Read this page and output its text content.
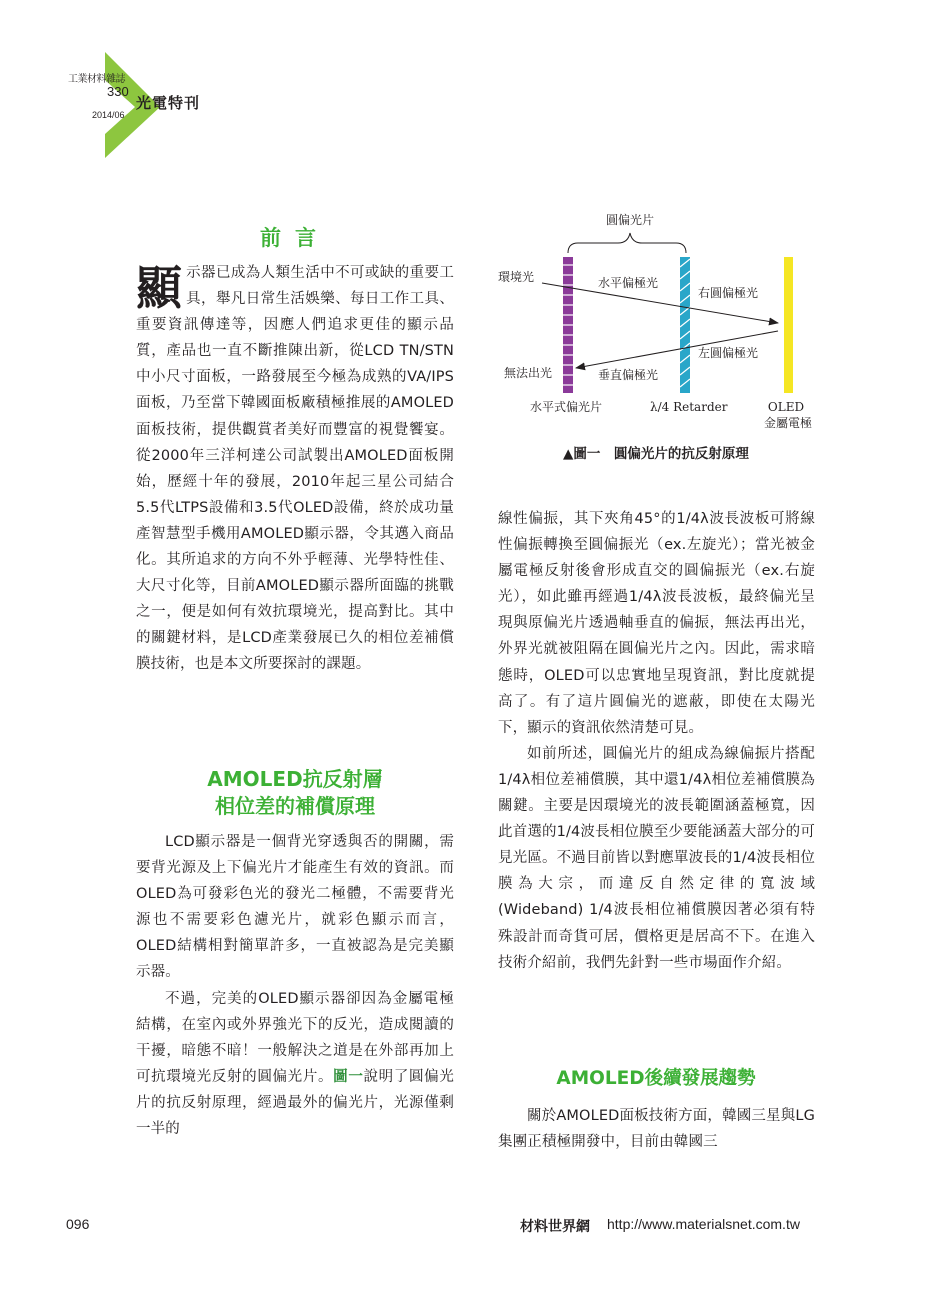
工業材料雜誌
330
2014/06
光電特刊
前言

顯示器已成為人類生活中不可或缺的重要工具，舉凡日常生活娛樂、每日工作工具、重要資訊傳達等，因應人們追求更佳的顯示品質，產品也一直不斷推陳出新，從LCD TN/STN中小尺寸面板，一路發展至今極為成熟的VA/IPS面板，乃至當下韓國面板廠積極推展的AMOLED面板技術，提供觀賞者美好而豐富的視覺饗宴。從2000年三洋柯達公司試製出AMOLED面板開始，歷經十年的發展，2010年起三星公司結合5.5代LTPS設備和3.5代OLED設備，終於成功量產智慧型手機用AMOLED顯示器，令其邁入商品化。其所追求的方向不外乎輕薄、光學特性佳、大尺寸化等，目前AMOLED顯示器所面臨的挑戰之一，便是如何有效抗環境光，提高對比。其中的關鍵材料，是LCD產業發展已久的相位差補償膜技術，也是本文所要探討的課題。

AMOLED抗反射層
相位差的補償原理

LCD顯示器是一個背光穿透與否的開關，需要背光源及上下偏光片才能產生有效的資訊。而OLED為可發彩色光的發光二極體，不需要背光源也不需要彩色濾光片，就彩色顯示而言，OLED結構相對簡單許多，一直被認為是完美顯示器。

不過，完美的OLED顯示器卻因為金屬電極結構，在室內或外界強光下的反光，造成閱讀的干擾，暗態不暗！一般解決之道是在外部再加上可抗環境光反射的圓偏光片。圖一說明了圓偏光片的抗反射原理，經過最外的偏光片，光源僅剩一半的

圓偏光片
環境光
無法出光
水平偏極光
垂直偏極光
右圓偏極光
左圓偏極光
水平式偏光片	λ/4 Retarder	OLED
金屬電極
▲圖一　圓偏光片的抗反射原理

線性偏振，其下夾角45°的1/4λ波長波板可將線性偏振轉換至圓偏振光（ex.左旋光）；當光被金屬電極反射後會形成直交的圓偏振光（ex.右旋光），如此雖再經過1/4λ波長波板，最終偏光呈現與原偏光片透過軸垂直的偏振，無法再出光，外界光就被阻隔在圓偏光片之內。因此，需求暗態時，OLED可以忠實地呈現資訊，對比度就提高了。有了這片圓偏光的遮蔽，即使在太陽光下，顯示的資訊依然清楚可見。

如前所述，圓偏光片的組成為線偏振片搭配1/4λ相位差補償膜，其中還1/4λ相位差補償膜為關鍵。主要是因環境光的波長範圍涵蓋極寬，因此首選的1/4波長相位膜至少要能涵蓋大部分的可見光區。不過目前皆以對應單波長的1/4波長相位膜為大宗，而違反自然定律的寬波域(Wideband) 1/4波長相位補償膜因著必須有特殊設計而奇貨可居，價格更是居高不下。在進入技術介紹前，我們先針對一些市場面作介紹。

AMOLED後續發展趨勢

關於AMOLED面板技術方面，韓國三星與LG集團正積極開發中，目前由韓國三

096	材料世界網 http://www.materialsnet.com.tw
